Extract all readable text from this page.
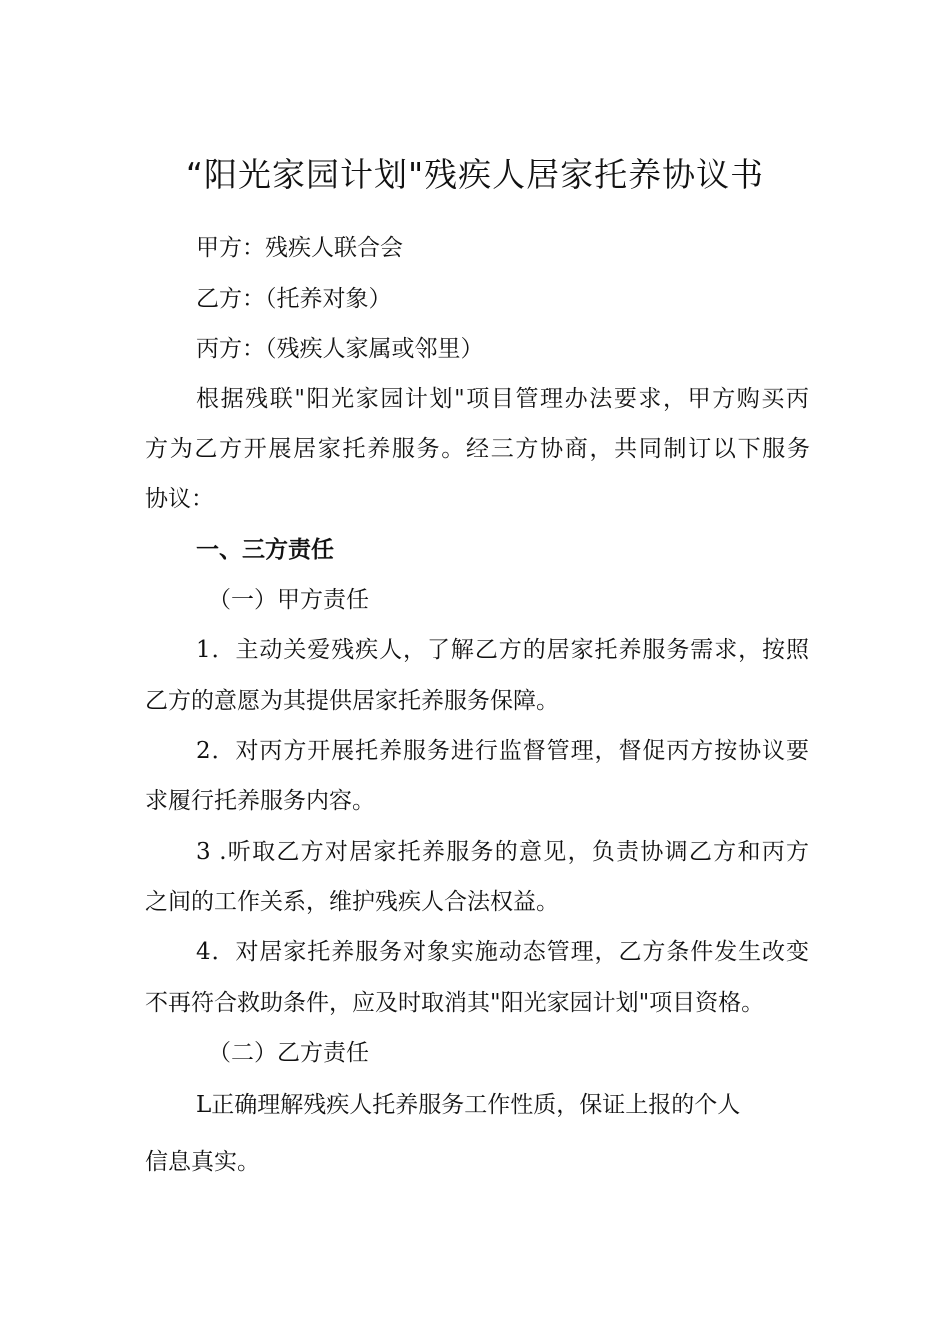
“阳光家园计划"残疾人居家托养协议书

甲方：残疾人联合会

乙方：（托养对象）

丙方：（残疾人家属或邻里）

根据残联"阳光家园计划"项目管理办法要求，甲方购买丙

方为乙方开展居家托养服务。经三方协商，共同制订以下服务

协议：

一、三方责任

（一）甲方责任

1．主动关爱残疾人，了解乙方的居家托养服务需求，按照

乙方的意愿为其提供居家托养服务保障。

2．对丙方开展托养服务进行监督管理，督促丙方按协议要

求履行托养服务内容。

3 .听取乙方对居家托养服务的意见，负责协调乙方和丙方

之间的工作关系，维护残疾人合法权益。

4．对居家托养服务对象实施动态管理，乙方条件发生改变

不再符合救助条件，应及时取消其"阳光家园计划"项目资格。

（二）乙方责任

L正确理解残疾人托养服务工作性质，保证上报的个人

信息真实。
